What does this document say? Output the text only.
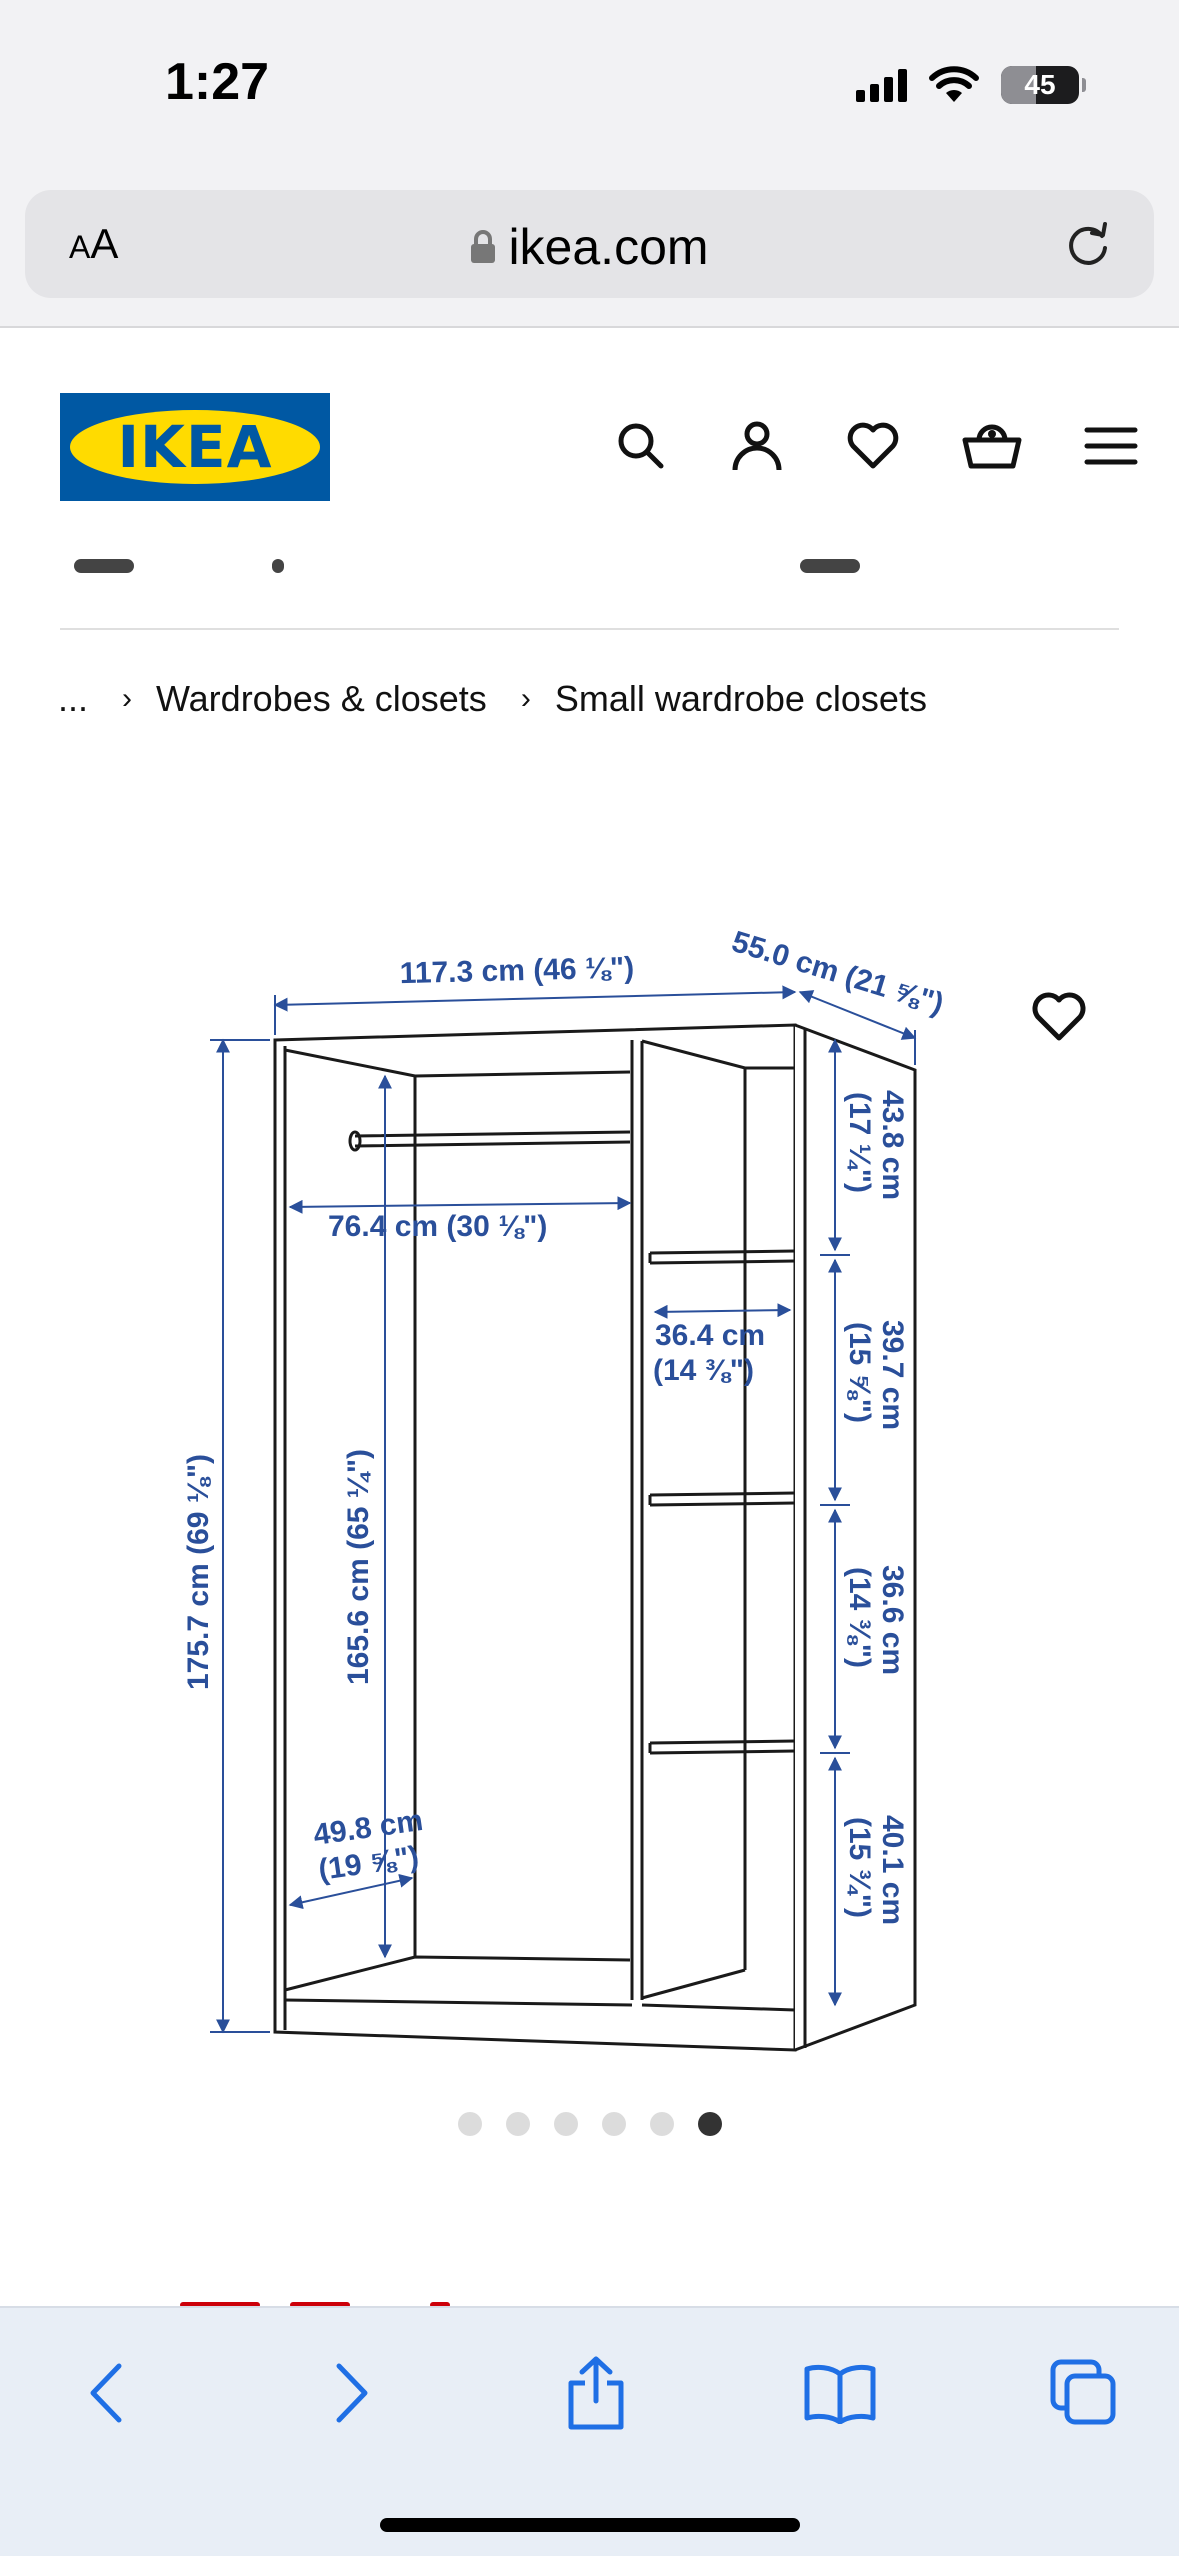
1:27	45
AA	ikea.com
IKEA
... › Wardrobes & closets › Small wardrobe closets
117.3 cm (46 ⅛")	55.0 cm (21 ⅝")
175.7 cm (69 ⅛")	165.6 cm (65 ¼")
76.4 cm (30 ⅛")
36.4 cm
(14 ⅜")
49.8 cm
(19 ⅝")
43.8 cm
(17 ¼")
39.7 cm
(15 ⅝")
36.6 cm
(14 ⅜")
40.1 cm
(15 ¾")
